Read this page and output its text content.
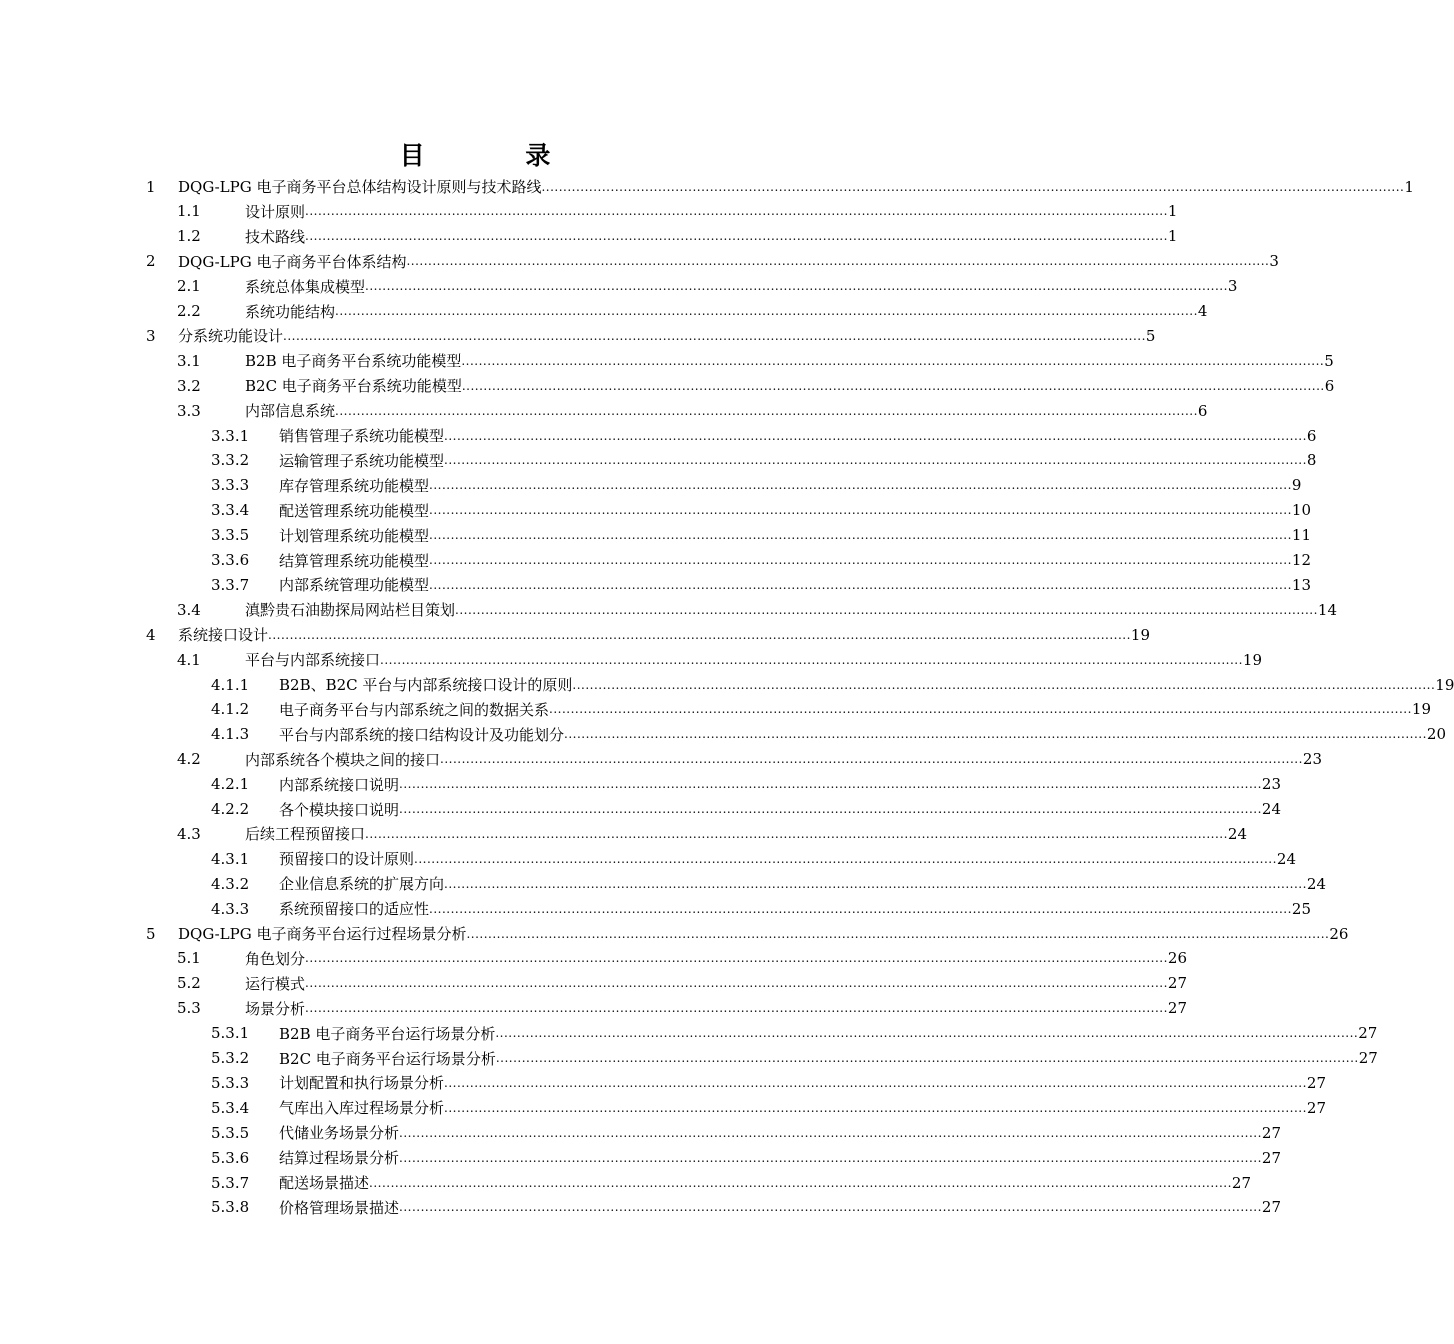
目 录
1	DQG-LPG 电子商务平台总体结构设计原则与技术路线 ........................................................................................................................................................................................................ 1
1.1	设计原则 ........................................................................................................................................................................................................ 1
1.2	技术路线 ........................................................................................................................................................................................................ 1
2	DQG-LPG 电子商务平台体系结构 ........................................................................................................................................................................................................ 3
2.1	系统总体集成模型 ........................................................................................................................................................................................................ 3
2.2	系统功能结构 ........................................................................................................................................................................................................ 4
3	分系统功能设计 ........................................................................................................................................................................................................ 5
3.1	B2B 电子商务平台系统功能模型 ........................................................................................................................................................................................................ 5
3.2	B2C 电子商务平台系统功能模型 ........................................................................................................................................................................................................ 6
3.3	内部信息系统 ........................................................................................................................................................................................................ 6
3.3.1	销售管理子系统功能模型 ........................................................................................................................................................................................................ 6
3.3.2	运输管理子系统功能模型 ........................................................................................................................................................................................................ 8
3.3.3	库存管理系统功能模型 ........................................................................................................................................................................................................ 9
3.3.4	配送管理系统功能模型 ........................................................................................................................................................................................................ 10
3.3.5	计划管理系统功能模型 ........................................................................................................................................................................................................ 11
3.3.6	结算管理系统功能模型 ........................................................................................................................................................................................................ 12
3.3.7	内部系统管理功能模型 ........................................................................................................................................................................................................ 13
3.4	滇黔贵石油勘探局网站栏目策划 ........................................................................................................................................................................................................ 14
4	系统接口设计 ........................................................................................................................................................................................................ 19
4.1	平台与内部系统接口 ........................................................................................................................................................................................................ 19
4.1.1	B2B、B2C 平台与内部系统接口设计的原则 ........................................................................................................................................................................................................ 19
4.1.2	电子商务平台与内部系统之间的数据关系 ........................................................................................................................................................................................................ 19
4.1.3	平台与内部系统的接口结构设计及功能划分 ........................................................................................................................................................................................................ 20
4.2	内部系统各个模块之间的接口 ........................................................................................................................................................................................................ 23
4.2.1	内部系统接口说明 ........................................................................................................................................................................................................ 23
4.2.2	各个模块接口说明 ........................................................................................................................................................................................................ 24
4.3	后续工程预留接口 ........................................................................................................................................................................................................ 24
4.3.1	预留接口的设计原则 ........................................................................................................................................................................................................ 24
4.3.2	企业信息系统的扩展方向 ........................................................................................................................................................................................................ 24
4.3.3	系统预留接口的适应性 ........................................................................................................................................................................................................ 25
5	DQG-LPG 电子商务平台运行过程场景分析 ........................................................................................................................................................................................................ 26
5.1	角色划分 ........................................................................................................................................................................................................ 26
5.2	运行模式 ........................................................................................................................................................................................................ 27
5.3	场景分析 ........................................................................................................................................................................................................ 27
5.3.1	B2B 电子商务平台运行场景分析 ........................................................................................................................................................................................................ 27
5.3.2	B2C 电子商务平台运行场景分析 ........................................................................................................................................................................................................ 27
5.3.3	计划配置和执行场景分析 ........................................................................................................................................................................................................ 27
5.3.4	气库出入库过程场景分析 ........................................................................................................................................................................................................ 27
5.3.5	代储业务场景分析 ........................................................................................................................................................................................................ 27
5.3.6	结算过程场景分析 ........................................................................................................................................................................................................ 27
5.3.7	配送场景描述 ........................................................................................................................................................................................................ 27
5.3.8	价格管理场景描述 ........................................................................................................................................................................................................ 27
